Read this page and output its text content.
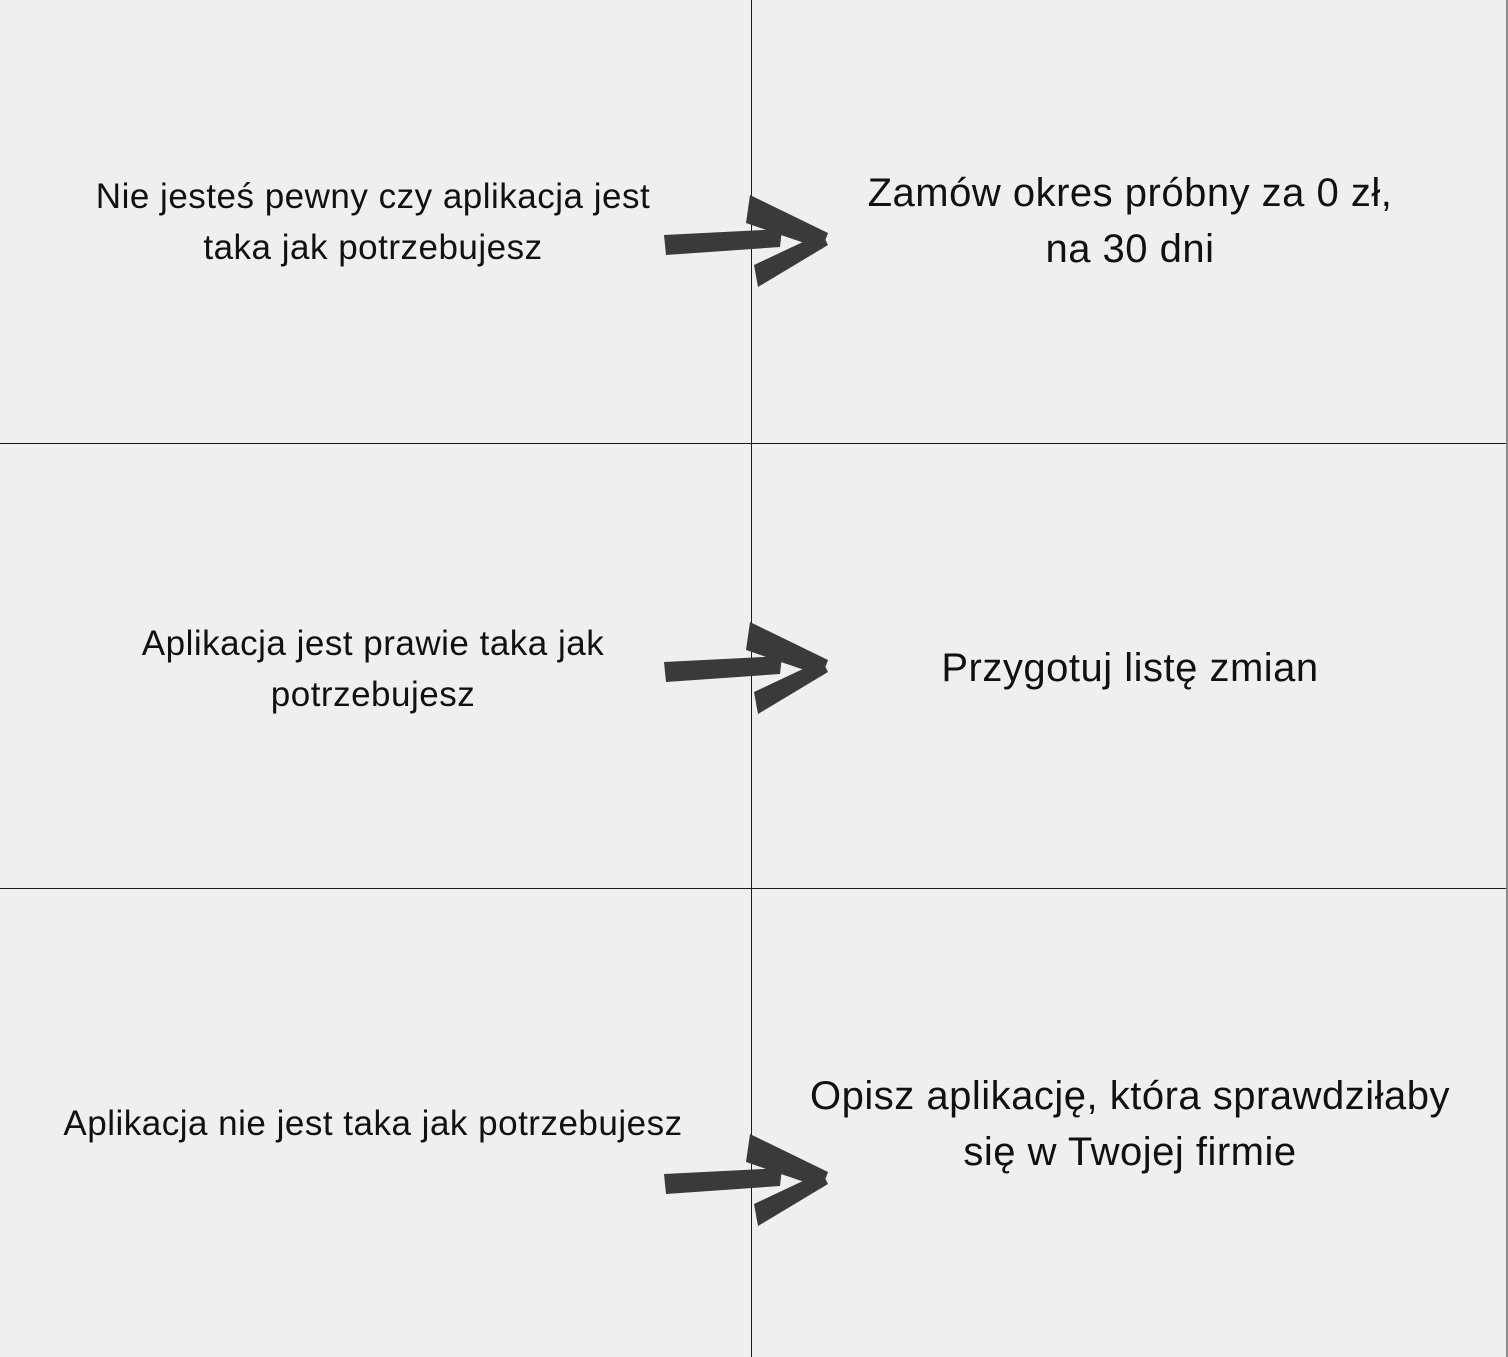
Nie jesteś pewny czy aplikacja jest
taka jak potrzebujesz
Zamów okres próbny za 0 zł,
na 30 dni
Aplikacja jest prawie taka jak
potrzebujesz
Przygotuj listę zmian
Aplikacja nie jest taka jak potrzebujesz
Opisz aplikację, która sprawdziłaby
się w Twojej firmie
